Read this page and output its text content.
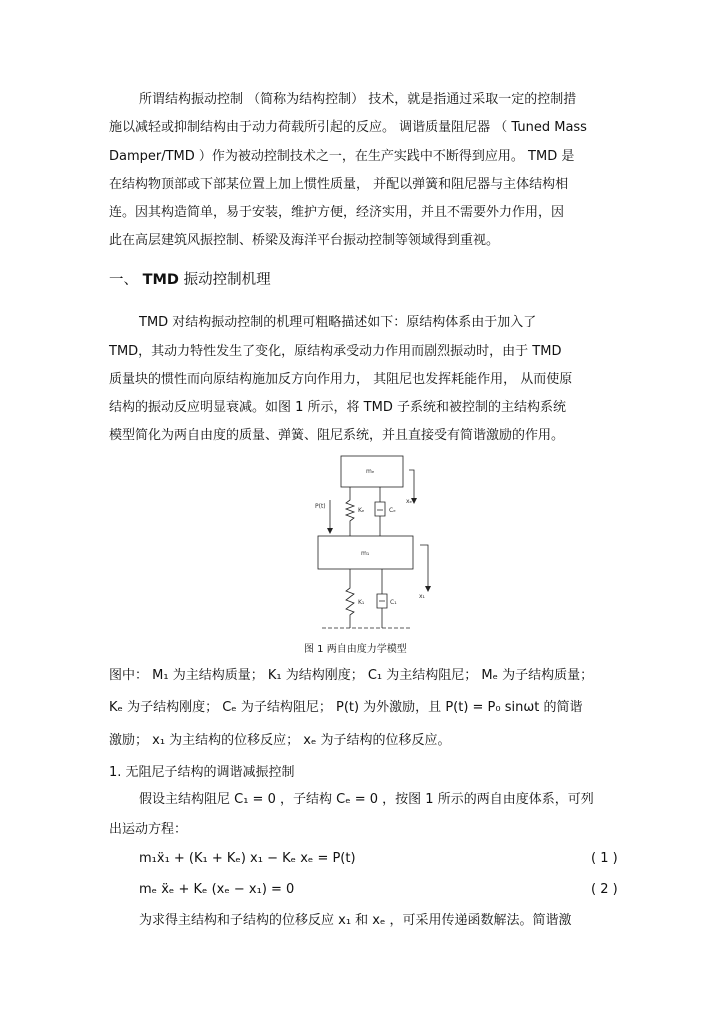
所谓结构振动控制 （简称为结构控制） 技术，就是指通过采取一定的控制措
施以减轻或抑制结构由于动力荷载所引起的反应。 调谐质量阻尼器 （ Tuned Mass
Damper/TMD ）作为被动控制技术之一，在生产实践中不断得到应用。 TMD 是
在结构物顶部或下部某位置上加上惯性质量， 并配以弹簧和阻尼器与主体结构相
连。因其构造简单，易于安装，维护方便，经济实用，并且不需要外力作用，因
此在高层建筑风振控制、桥梁及海洋平台振动控制等领域得到重视。
一、 TMD 振动控制机理
TMD 对结构振动控制的机理可粗略描述如下：原结构体系由于加入了
TMD，其动力特性发生了变化，原结构承受动力作用而剧烈振动时，由于 TMD
质量块的惯性而向原结构施加反方向作用力， 其阻尼也发挥耗能作用， 从而使原
结构的振动反应明显衰减。如图 1 所示，将 TMD 子系统和被控制的主结构系统
模型简化为两自由度的质量、弹簧、阻尼系统，并且直接受有简谐激励的作用。
mₑ
m₁
P(t)
Kₑ	Cₑ
K₁	C₁
xₑ
x₁
图 1 两自由度力学模型
图中： M₁ 为主结构质量； K₁ 为结构刚度； C₁ 为主结构阻尼； Mₑ 为子结构质量；
Kₑ 为子结构刚度； Cₑ 为子结构阻尼； P(t) 为外激励，且 P(t) = P₀ sinωt 的简谐
激励； x₁ 为主结构的位移反应； xₑ 为子结构的位移反应。
1. 无阻尼子结构的调谐减振控制
假设主结构阻尼 C₁ = 0 ，子结构 Cₑ = 0 ，按图 1 所示的两自由度体系，可列
出运动方程：
m₁ẍ₁ + (K₁ + Kₑ) x₁ − Kₑ xₑ = P(t)	( 1 )
mₑ ẍₑ + Kₑ (xₑ − x₁) = 0	( 2 )
为求得主结构和子结构的位移反应 x₁ 和 xₑ ，可采用传递函数解法。简谐激
